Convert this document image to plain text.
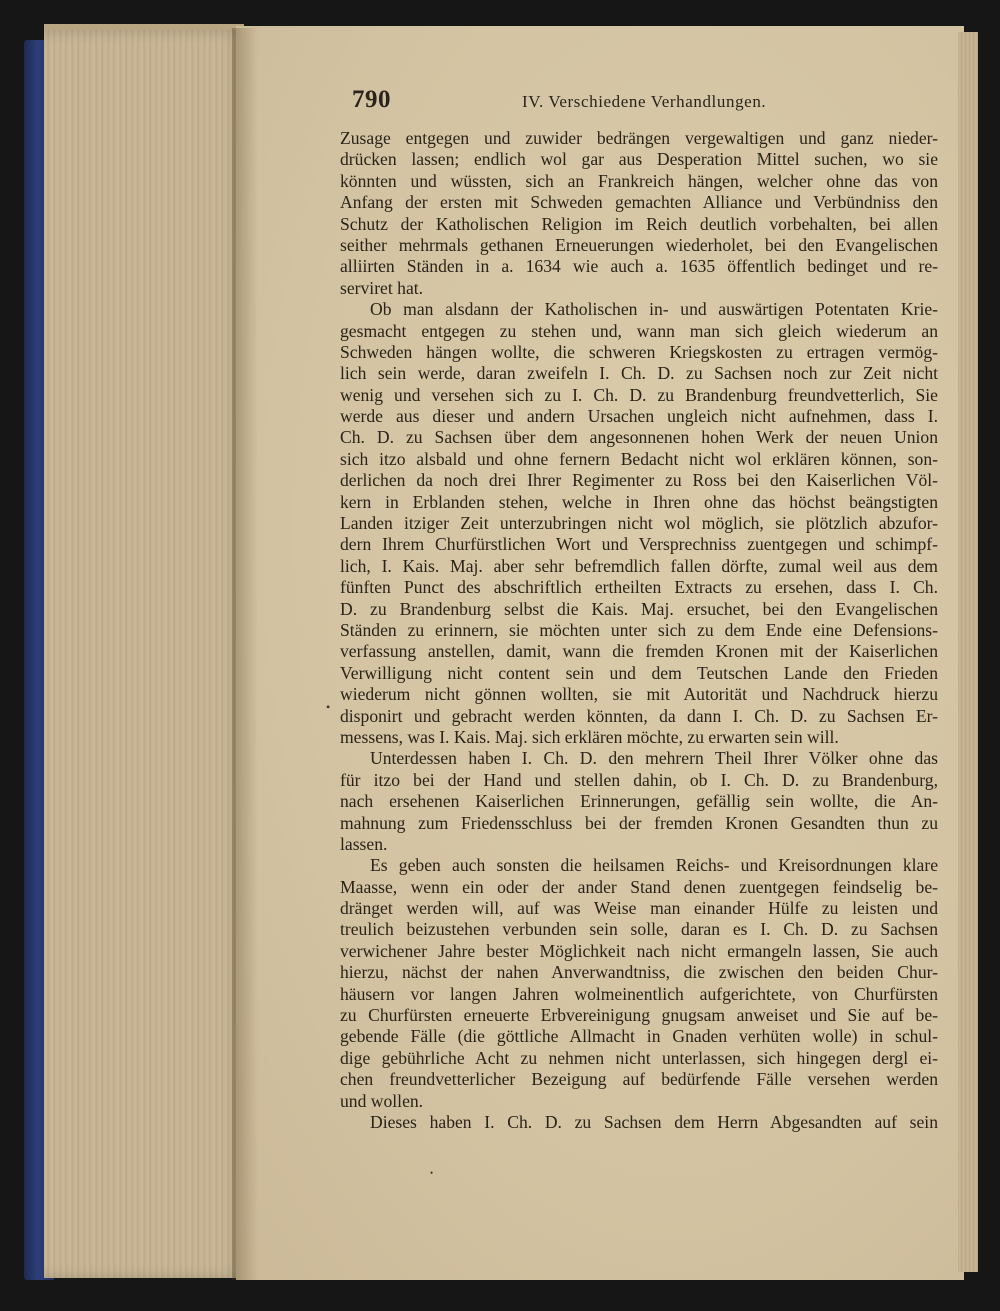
790	IV. Verschiedene Verhandlungen.
Zusage entgegen und zuwider bedrängen vergewaltigen und ganz nieder-
drücken lassen; endlich wol gar aus Desperation Mittel suchen, wo sie
könnten und wüssten, sich an Frankreich hängen, welcher ohne das von
Anfang der ersten mit Schweden gemachten Alliance und Verbündniss den
Schutz der Katholischen Religion im Reich deutlich vorbehalten, bei allen
seither mehrmals gethanen Erneuerungen wiederholet, bei den Evangelischen
alliirten Ständen in a. 1634 wie auch a. 1635 öffentlich bedinget und re-
serviret hat.
Ob man alsdann der Katholischen in- und auswärtigen Potentaten Krie-
gesmacht entgegen zu stehen und, wann man sich gleich wiederum an
Schweden hängen wollte, die schweren Kriegskosten zu ertragen vermög-
lich sein werde, daran zweifeln I. Ch. D. zu Sachsen noch zur Zeit nicht
wenig und versehen sich zu I. Ch. D. zu Brandenburg freundvetterlich, Sie
werde aus dieser und andern Ursachen ungleich nicht aufnehmen, dass I.
Ch. D. zu Sachsen über dem angesonnenen hohen Werk der neuen Union
sich itzo alsbald und ohne fernern Bedacht nicht wol erklären können, son-
derlichen da noch drei Ihrer Regimenter zu Ross bei den Kaiserlichen Völ-
kern in Erblanden stehen, welche in Ihren ohne das höchst beängstigten
Landen itziger Zeit unterzubringen nicht wol möglich, sie plötzlich abzufor-
dern Ihrem Churfürstlichen Wort und Versprechniss zuentgegen und schimpf-
lich, I. Kais. Maj. aber sehr befremdlich fallen dörfte, zumal weil aus dem
fünften Punct des abschriftlich ertheilten Extracts zu ersehen, dass I. Ch.
D. zu Brandenburg selbst die Kais. Maj. ersuchet, bei den Evangelischen
Ständen zu erinnern, sie möchten unter sich zu dem Ende eine Defensions-
verfassung anstellen, damit, wann die fremden Kronen mit der Kaiserlichen
Verwilligung nicht content sein und dem Teutschen Lande den Frieden
wiederum nicht gönnen wollten, sie mit Autorität und Nachdruck hierzu
disponirt und gebracht werden könnten, da dann I. Ch. D. zu Sachsen Er-
messens, was I. Kais. Maj. sich erklären möchte, zu erwarten sein will.
Unterdessen haben I. Ch. D. den mehrern Theil Ihrer Völker ohne das
für itzo bei der Hand und stellen dahin, ob I. Ch. D. zu Brandenburg,
nach ersehenen Kaiserlichen Erinnerungen, gefällig sein wollte, die An-
mahnung zum Friedensschluss bei der fremden Kronen Gesandten thun zu
lassen.
Es geben auch sonsten die heilsamen Reichs- und Kreisordnungen klare
Maasse, wenn ein oder der ander Stand denen zuentgegen feindselig be-
dränget werden will, auf was Weise man einander Hülfe zu leisten und
treulich beizustehen verbunden sein solle, daran es I. Ch. D. zu Sachsen
verwichener Jahre bester Möglichkeit nach nicht ermangeln lassen, Sie auch
hierzu, nächst der nahen Anverwandtniss, die zwischen den beiden Chur-
häusern vor langen Jahren wolmeinentlich aufgerichtete, von Churfürsten
zu Churfürsten erneuerte Erbvereinigung gnugsam anweiset und Sie auf be-
gebende Fälle (die göttliche Allmacht in Gnaden verhüten wolle) in schul-
dige gebührliche Acht zu nehmen nicht unterlassen, sich hingegen dergl ei-
chen freundvetterlicher Bezeigung auf bedürfende Fälle versehen werden
und wollen.
Dieses haben I. Ch. D. zu Sachsen dem Herrn Abgesandten auf sein
•
•
